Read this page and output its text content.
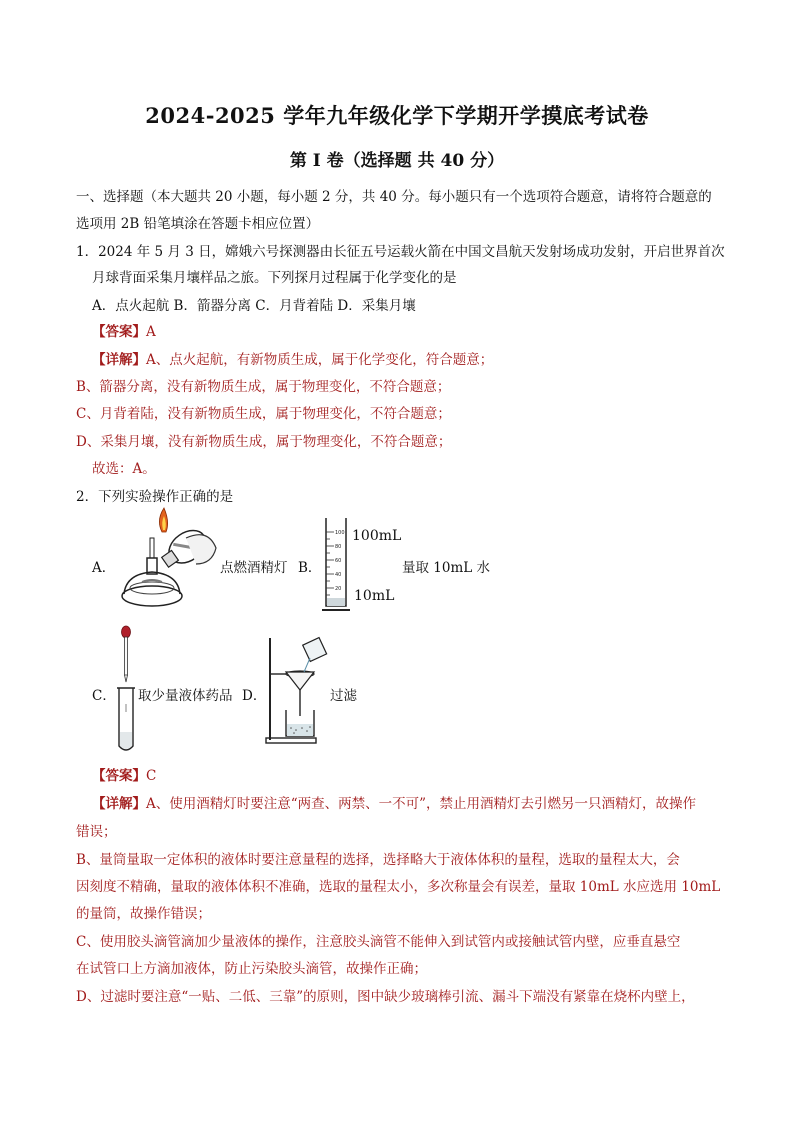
2024-2025 学年九年级化学下学期开学摸底考试卷
第 I 卷（选择题 共 40 分）
一、选择题（本大题共 20 小题，每小题 2 分，共 40 分。每小题只有一个选项符合题意，请将符合题意的
选项用 2B 铅笔填涂在答题卡相应位置）
1．2024 年 5 月 3 日，嫦娥六号探测器由长征五号运载火箭在中国文昌航天发射场成功发射，开启世界首次
月球背面采集月壤样品之旅。下列探月过程属于化学变化的是
A．点火起航 B．箭器分离 C．月背着陆 D．采集月壤
【答案】A
【详解】A、点火起航，有新物质生成，属于化学变化，符合题意；
B、箭器分离，没有新物质生成，属于物理变化，不符合题意；
C、月背着陆，没有新物质生成，属于物理变化，不符合题意；
D、采集月壤，没有新物质生成，属于物理变化，不符合题意；
故选：A。
2．下列实验操作正确的是
A．	点燃酒精灯 B．
100
80
60
40
20
100mL
10mL
量取 10mL 水
C． 取少量液体药品 D．	过滤
【答案】C
【详解】A、使用酒精灯时要注意“两查、两禁、一不可”，禁止用酒精灯去引燃另一只酒精灯，故操作
错误；
B、量筒量取一定体积的液体时要注意量程的选择，选择略大于液体体积的量程，选取的量程太大，会
因刻度不精确，量取的液体体积不准确，选取的量程太小，多次称量会有误差，量取 10mL 水应选用 10mL
的量筒，故操作错误；
C、使用胶头滴管滴加少量液体的操作，注意胶头滴管不能伸入到试管内或接触试管内壁，应垂直悬空
在试管口上方滴加液体，防止污染胶头滴管，故操作正确；
D、过滤时要注意“一贴、二低、三靠”的原则，图中缺少玻璃棒引流、漏斗下端没有紧靠在烧杯内壁上，
